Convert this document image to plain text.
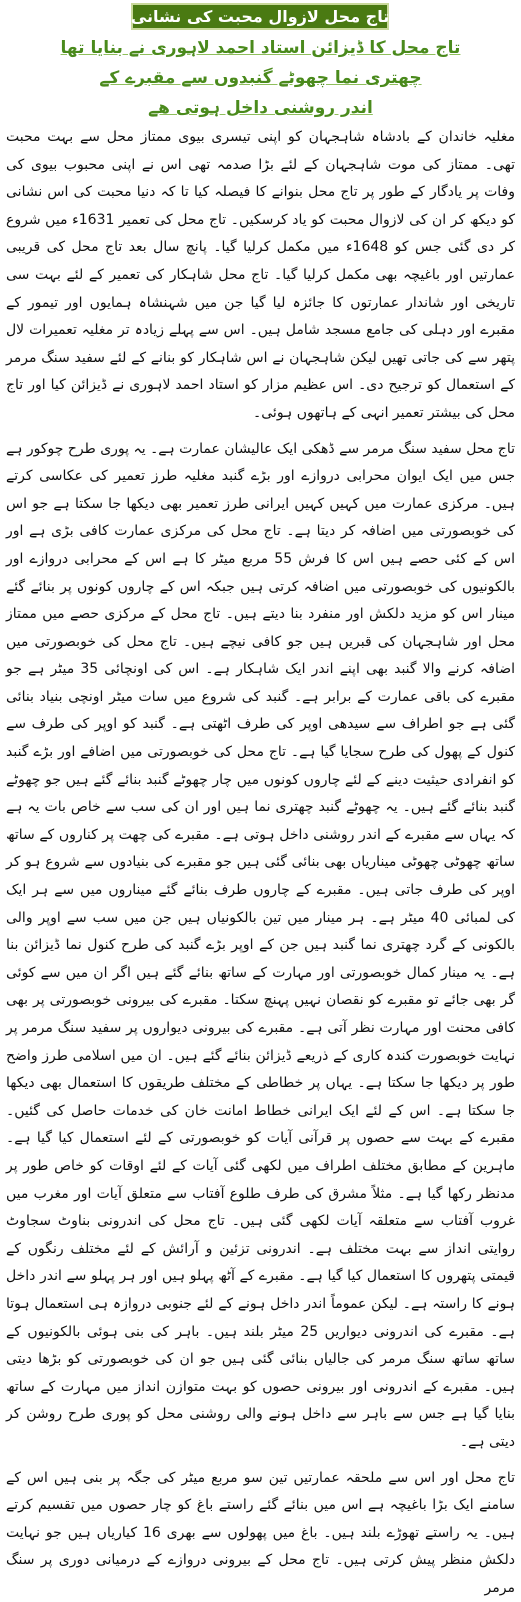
تاج محل لازوال محبت کی نشانی
تاج محل کا ڈیزائن استاد احمد لاہوری نے بنایا تھا
چھتری نما چھوٹے گنبدوں سے مقبرے کے
اندر روشنی داخل ہوتی ھے

مغلیہ خاندان کے بادشاہ شاہجہان کو اپنی تیسری بیوی ممتاز محل سے بہت محبت تھی۔ ممتاز کی موت شاہجہان کے لئے بڑا صدمہ تھی اس نے اپنی محبوب بیوی کی وفات پر یادگار کے طور پر تاج محل بنوانے کا فیصلہ کیا تا کہ دنیا محبت کی اس نشانی کو دیکھ کر ان کی لازوال محبت کو یاد کرسکیں۔ تاج محل کی تعمیر 1631ء میں شروع کر دی گئی جس کو 1648ء میں مکمل کرلیا گیا۔ پانچ سال بعد تاج محل کی قریبی عمارتیں اور باغیچہ بھی مکمل کرلیا گیا۔ تاج محل شاہکار کی تعمیر کے لئے بہت سی تاریخی اور شاندار عمارتوں کا جائزہ لیا گیا جن میں شہنشاہ ہمایوں اور تیمور کے مقبرے اور دہلی کی جامع مسجد شامل ہیں۔ اس سے پہلے زیادہ تر مغلیہ تعمیرات لال پتھر سے کی جاتی تھیں لیکن شاہجہان نے اس شاہکار کو بنانے کے لئے سفید سنگ مرمر کے استعمال کو ترجیح دی۔ اس عظیم مزار کو استاد احمد لاہوری نے ڈیزائن کیا اور تاج محل کی بیشتر تعمیر انہی کے ہاتھوں ہوئی۔

تاج محل سفید سنگ مرمر سے ڈھکی ایک عالیشان عمارت ہے۔ یہ پوری طرح چوکور ہے جس میں ایک ایوان محرابی دروازے اور بڑے گنبد مغلیہ طرز تعمیر کی عکاسی کرتے ہیں۔ مرکزی عمارت میں کہیں کہیں ایرانی طرز تعمیر بھی دیکھا جا سکتا ہے جو اس کی خوبصورتی میں اضافہ کر دیتا ہے۔ تاج محل کی مرکزی عمارت کافی بڑی ہے اور اس کے کئی حصے ہیں اس کا فرش 55 مربع میٹر کا ہے اس کے محرابی دروازے اور بالکونیوں کی خوبصورتی میں اضافہ کرتی ہیں جبکہ اس کے چاروں کونوں پر بنائے گئے مینار اس کو مزید دلکش اور منفرد بنا دیتے ہیں۔ تاج محل کے مرکزی حصے میں ممتاز محل اور شاہجہان کی قبریں ہیں جو کافی نیچے ہیں۔ تاج محل کی خوبصورتی میں اضافہ کرنے والا گنبد بھی اپنے اندر ایک شاہکار ہے۔ اس کی اونچائی 35 میٹر ہے جو مقبرے کی باقی عمارت کے برابر ہے۔ گنبد کی شروع میں سات میٹر اونچی بنیاد بنائی گئی ہے جو اطراف سے سیدھی اوپر کی طرف اٹھتی ہے۔ گنبد کو اوپر کی طرف سے کنول کے پھول کی طرح سجایا گیا ہے۔ تاج محل کی خوبصورتی میں اضافے اور بڑے گنبد کو انفرادی حیثیت دینے کے لئے چاروں کونوں میں چار چھوٹے گنبد بنائے گئے ہیں جو چھوٹے گنبد بنائے گئے ہیں۔ یہ چھوٹے گنبد چھتری نما ہیں اور ان کی سب سے خاص بات یہ ہے کہ یہاں سے مقبرے کے اندر روشنی داخل ہوتی ہے۔ مقبرے کی چھت پر کناروں کے ساتھ ساتھ چھوٹی چھوٹی میناریاں بھی بنائی گئی ہیں جو مقبرے کی بنیادوں سے شروع ہو کر اوپر کی طرف جاتی ہیں۔ مقبرے کے چاروں طرف بنائے گئے میناروں میں سے ہر ایک کی لمبائی 40 میٹر ہے۔ ہر مینار میں تین بالکونیاں ہیں جن میں سب سے اوپر والی بالکونی کے گرد چھتری نما گنبد ہیں جن کے اوپر بڑے گنبد کی طرح کنول نما ڈیزائن بنا ہے۔ یہ مینار کمال خوبصورتی اور مہارت کے ساتھ بنائے گئے ہیں اگر ان میں سے کوئی گر بھی جائے تو مقبرے کو نقصان نہیں پہنچ سکتا۔ مقبرے کی بیرونی خوبصورتی پر بھی کافی محنت اور مہارت نظر آتی ہے۔ مقبرے کی بیرونی دیواروں پر سفید سنگ مرمر پر نہایت خوبصورت کندہ کاری کے ذریعے ڈیزائن بنائے گئے ہیں۔ ان میں اسلامی طرز واضح طور پر دیکھا جا سکتا ہے۔ یہاں پر خطاطی کے مختلف طریقوں کا استعمال بھی دیکھا جا سکتا ہے۔ اس کے لئے ایک ایرانی خطاط امانت خان کی خدمات حاصل کی گئیں۔ مقبرے کے بہت سے حصوں پر قرآنی آیات کو خوبصورتی کے لئے استعمال کیا گیا ہے۔ ماہرین کے مطابق مختلف اطراف میں لکھی گئی آیات کے لئے اوقات کو خاص طور پر مدنظر رکھا گیا ہے۔ مثلاً مشرق کی طرف طلوع آفتاب سے متعلق آیات اور مغرب میں غروب آفتاب سے متعلقہ آیات لکھی گئی ہیں۔ تاج محل کی اندرونی بناوٹ سجاوٹ روایتی انداز سے بہت مختلف ہے۔ اندرونی تزئین و آرائش کے لئے مختلف رنگوں کے قیمتی پتھروں کا استعمال کیا گیا ہے۔ مقبرے کے آٹھ پہلو ہیں اور ہر پہلو سے اندر داخل ہونے کا راستہ ہے۔ لیکن عموماً اندر داخل ہونے کے لئے جنوبی دروازہ ہی استعمال ہوتا ہے۔ مقبرے کی اندرونی دیواریں 25 میٹر بلند ہیں۔ باہر کی بنی ہوئی بالکونیوں کے ساتھ ساتھ سنگ مرمر کی جالیاں بنائی گئی ہیں جو ان کی خوبصورتی کو بڑھا دیتی ہیں۔ مقبرے کے اندرونی اور بیرونی حصوں کو بہت متوازن انداز میں مہارت کے ساتھ بنایا گیا ہے جس سے باہر سے داخل ہونے والی روشنی محل کو پوری طرح روشن کر دیتی ہے۔

تاج محل اور اس سے ملحقہ عمارتیں تین سو مربع میٹر کی جگہ پر بنی ہیں اس کے سامنے ایک بڑا باغیچہ ہے اس میں بنائے گئے راستے باغ کو چار حصوں میں تقسیم کرتے ہیں۔ یہ راستے تھوڑے بلند ہیں۔ باغ میں پھولوں سے بھری 16 کیاریاں ہیں جو نہایت دلکش منظر پیش کرتی ہیں۔ تاج محل کے بیرونی دروازے کے درمیانی دوری پر سنگ مرمر
